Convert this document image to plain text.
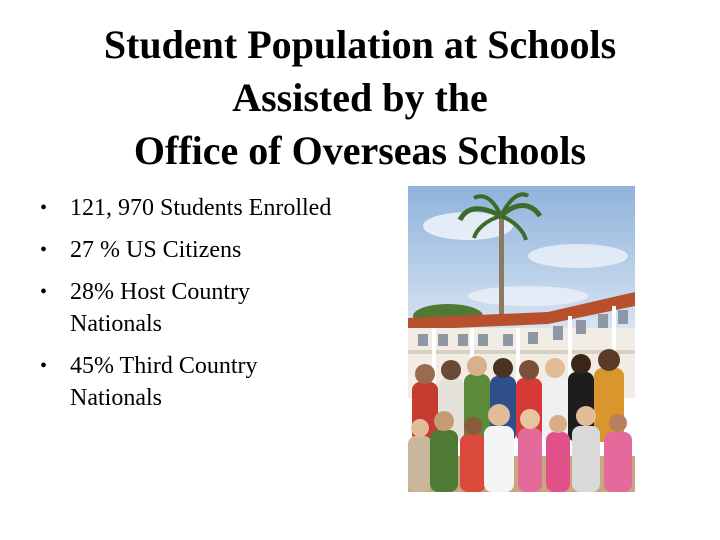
Student Population at Schools
Assisted by the
Office of Overseas Schools
• 121, 970 Students Enrolled
• 27 % US Citizens
• 28% Host Country Nationals
• 45% Third Country Nationals
